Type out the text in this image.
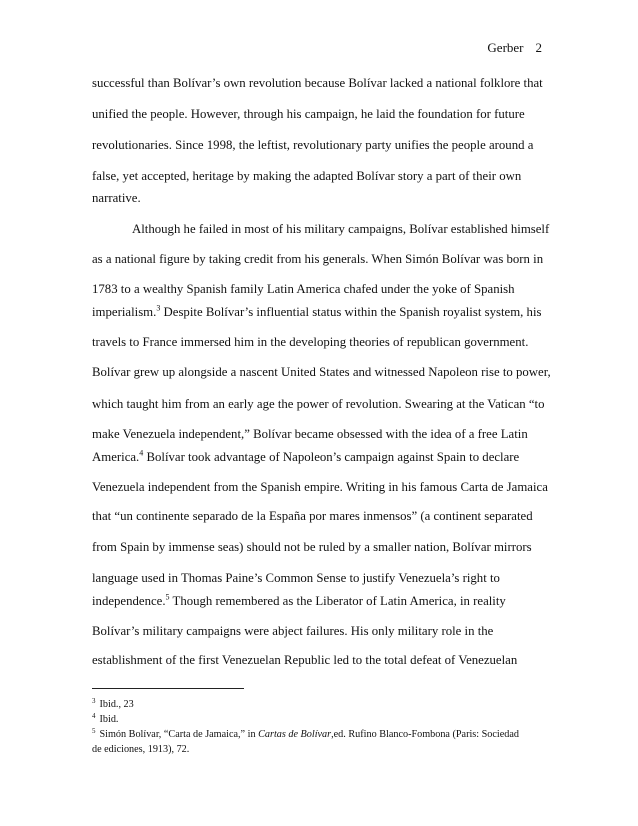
Gerber 2
successful than Bolívar’s own revolution because Bolívar lacked a national folklore that
unified the people. However, through his campaign, he laid the foundation for future
revolutionaries. Since 1998, the leftist, revolutionary party unifies the people around a
false, yet accepted, heritage by making the adapted Bolívar story a part of their own
narrative.
Although he failed in most of his military campaigns, Bolívar established himself
as a national figure by taking credit from his generals. When Simón Bolívar was born in
1783 to a wealthy Spanish family Latin America chafed under the yoke of Spanish
imperialism.$^3$ Despite Bolívar’s influential status within the Spanish royalist system, his
travels to France immersed him in the developing theories of republican government.
Bolívar grew up alongside a nascent United States and witnessed Napoleon rise to power,
which taught him from an early age the power of revolution. Swearing at the Vatican “to
make Venezuela independent,” Bolívar became obsessed with the idea of a free Latin
America.$^4$ Bolívar took advantage of Napoleon’s campaign against Spain to declare
Venezuela independent from the Spanish empire. Writing in his famous Carta de Jamaica
that “un continente separado de la España por mares inmensos” (a continent separated
from Spain by immense seas) should not be ruled by a smaller nation, Bolívar mirrors
language used in Thomas Paine’s Common Sense to justify Venezuela’s right to
independence.$^5$ Though remembered as the Liberator of Latin America, in reality
Bolívar’s military campaigns were abject failures. His only military role in the
establishment of the first Venezuelan Republic led to the total defeat of Venezuelan
$^3$ Ibid., 23
$^4$ Ibid.
$^5$ Simón Bolívar, “Carta de Jamaica,” in Cartas de Bolívar,ed. Rufino Blanco-Fombona (Paris: Sociedad
de ediciones, 1913), 72.
